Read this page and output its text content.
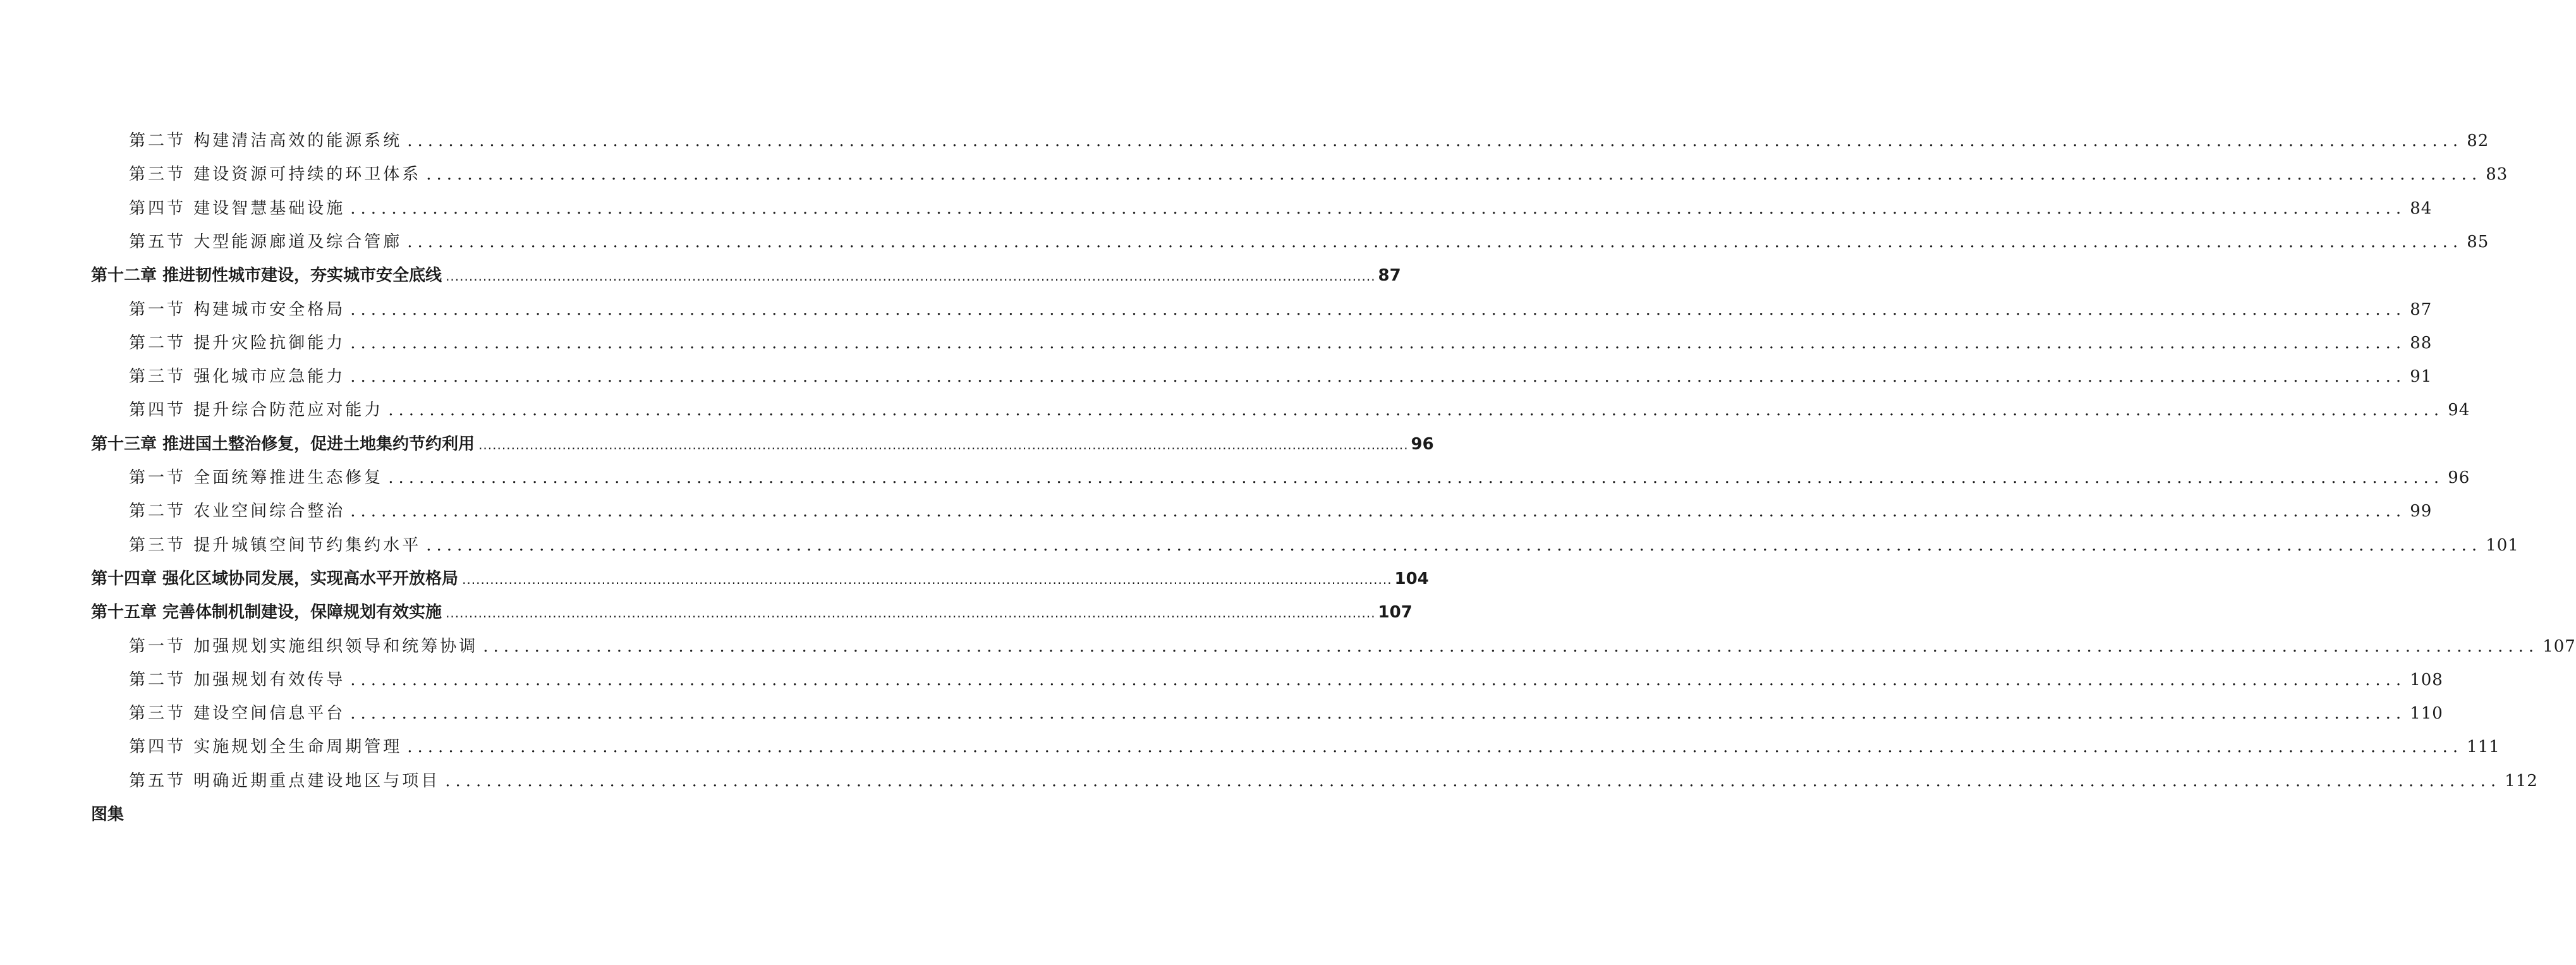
第二节 构建清洁高效的能源系统 ........................................................................................................................................................................................................ 82
第三节 建设资源可持续的环卫体系 ........................................................................................................................................................................................................ 83
第四节 建设智慧基础设施 ........................................................................................................................................................................................................ 84
第五节 大型能源廊道及综合管廊 ........................................................................................................................................................................................................ 85
第十二章 推进韧性城市建设，夯实城市安全底线 ........................................................................................................................................................................................................ 87
第一节 构建城市安全格局 ........................................................................................................................................................................................................ 87
第二节 提升灾险抗御能力 ........................................................................................................................................................................................................ 88
第三节 强化城市应急能力 ........................................................................................................................................................................................................ 91
第四节 提升综合防范应对能力 ........................................................................................................................................................................................................ 94
第十三章 推进国土整治修复，促进土地集约节约利用 ........................................................................................................................................................................................................ 96
第一节 全面统筹推进生态修复 ........................................................................................................................................................................................................ 96
第二节 农业空间综合整治 ........................................................................................................................................................................................................ 99
第三节 提升城镇空间节约集约水平 ........................................................................................................................................................................................................ 101
第十四章 强化区域协同发展，实现高水平开放格局 ........................................................................................................................................................................................................ 104
第十五章 完善体制机制建设，保障规划有效实施 ........................................................................................................................................................................................................ 107
第一节 加强规划实施组织领导和统筹协调 ........................................................................................................................................................................................................ 107
第二节 加强规划有效传导 ........................................................................................................................................................................................................ 108
第三节 建设空间信息平台 ........................................................................................................................................................................................................ 110
第四节 实施规划全生命周期管理 ........................................................................................................................................................................................................ 111
第五节 明确近期重点建设地区与项目 ........................................................................................................................................................................................................ 112
图集
